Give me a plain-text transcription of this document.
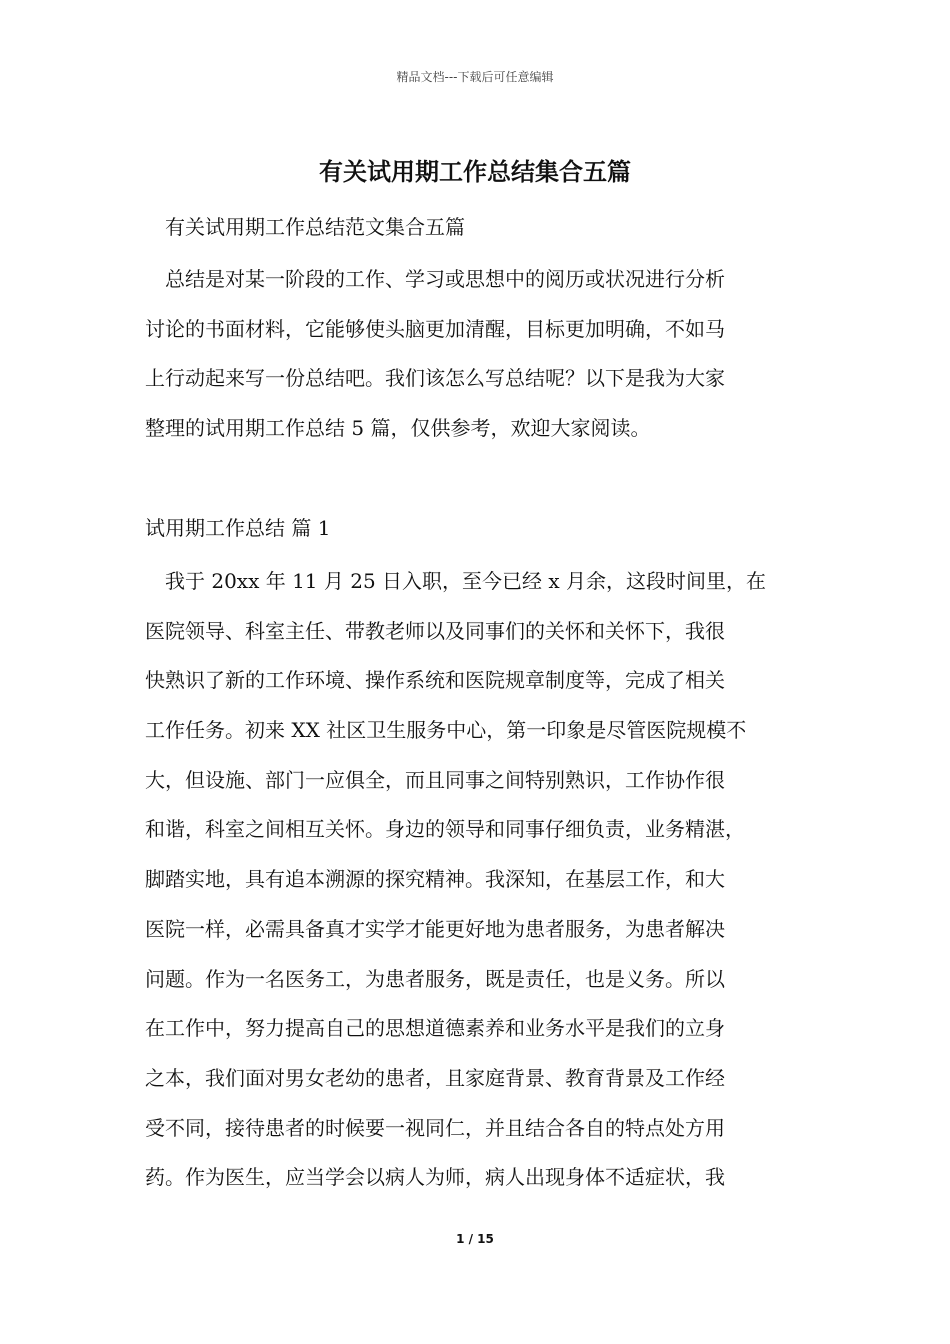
精品文档---下载后可任意编辑
有关试用期工作总结集合五篇
有关试用期工作总结范文集合五篇
　总结是对某一阶段的工作、学习或思想中的阅历或状况进行分析
讨论的书面材料，它能够使头脑更加清醒，目标更加明确，不如马
上行动起来写一份总结吧。我们该怎么写总结呢？以下是我为大家
整理的试用期工作总结 5 篇，仅供参考，欢迎大家阅读。
试用期工作总结 篇 1
　我于 20xx 年 11 月 25 日入职，至今已经 x 月余，这段时间里，在
医院领导、科室主任、带教老师以及同事们的关怀和关怀下，我很
快熟识了新的工作环境、操作系统和医院规章制度等，完成了相关
工作任务。初来 XX 社区卫生服务中心，第一印象是尽管医院规模不
大，但设施、部门一应俱全，而且同事之间特别熟识，工作协作很
和谐，科室之间相互关怀。身边的领导和同事仔细负责，业务精湛，
脚踏实地，具有追本溯源的探究精神。我深知，在基层工作，和大
医院一样，必需具备真才实学才能更好地为患者服务，为患者解决
问题。作为一名医务工，为患者服务，既是责任，也是义务。所以
在工作中，努力提高自己的思想道德素养和业务水平是我们的立身
之本，我们面对男女老幼的患者，且家庭背景、教育背景及工作经
受不同，接待患者的时候要一视同仁，并且结合各自的特点处方用
药。作为医生，应当学会以病人为师，病人出现身体不适症状，我
1 / 15
